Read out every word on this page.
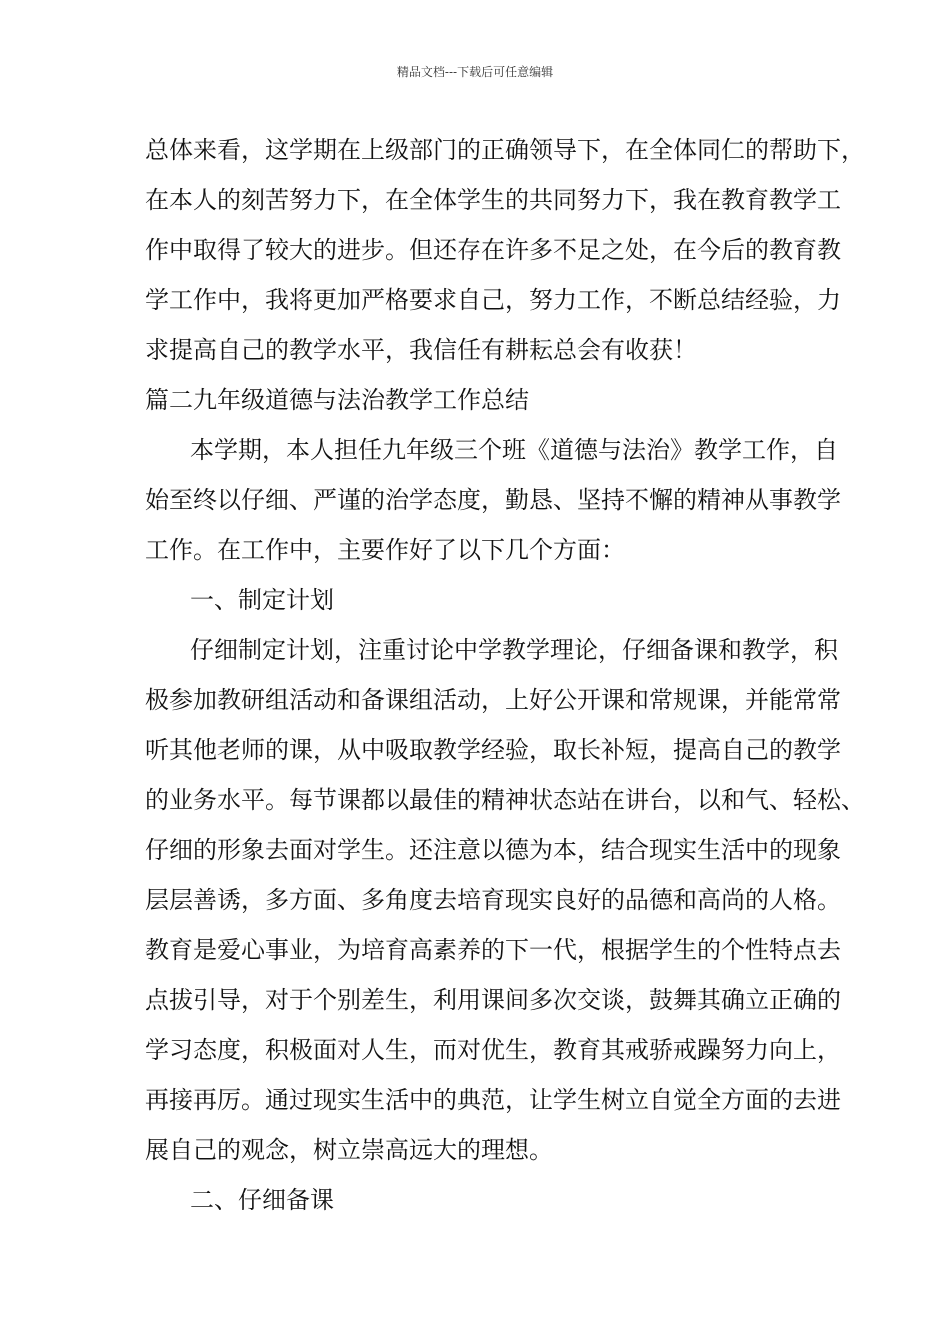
精品文档---下载后可任意编辑
总体来看，这学期在上级部门的正确领导下，在全体同仁的帮助下，
在本人的刻苦努力下，在全体学生的共同努力下，我在教育教学工
作中取得了较大的进步。但还存在许多不足之处，在今后的教育教
学工作中，我将更加严格要求自己，努力工作，不断总结经验，力
求提高自己的教学水平，我信任有耕耘总会有收获！
篇二九年级道德与法治教学工作总结
本学期，本人担任九年级三个班《道德与法治》教学工作，自
始至终以仔细、严谨的治学态度，勤恳、坚持不懈的精神从事教学
工作。在工作中，主要作好了以下几个方面：
一、制定计划
仔细制定计划，注重讨论中学教学理论，仔细备课和教学，积
极参加教研组活动和备课组活动，上好公开课和常规课，并能常常
听其他老师的课，从中吸取教学经验，取长补短，提高自己的教学
的业务水平。每节课都以最佳的精神状态站在讲台，以和气、轻松、
仔细的形象去面对学生。还注意以德为本，结合现实生活中的现象
层层善诱，多方面、多角度去培育现实良好的品德和高尚的人格。
教育是爱心事业，为培育高素养的下一代，根据学生的个性特点去
点拔引导，对于个别差生，利用课间多次交谈，鼓舞其确立正确的
学习态度，积极面对人生，而对优生，教育其戒骄戒躁努力向上，
再接再厉。通过现实生活中的典范，让学生树立自觉全方面的去进
展自己的观念，树立崇高远大的理想。
二、仔细备课
